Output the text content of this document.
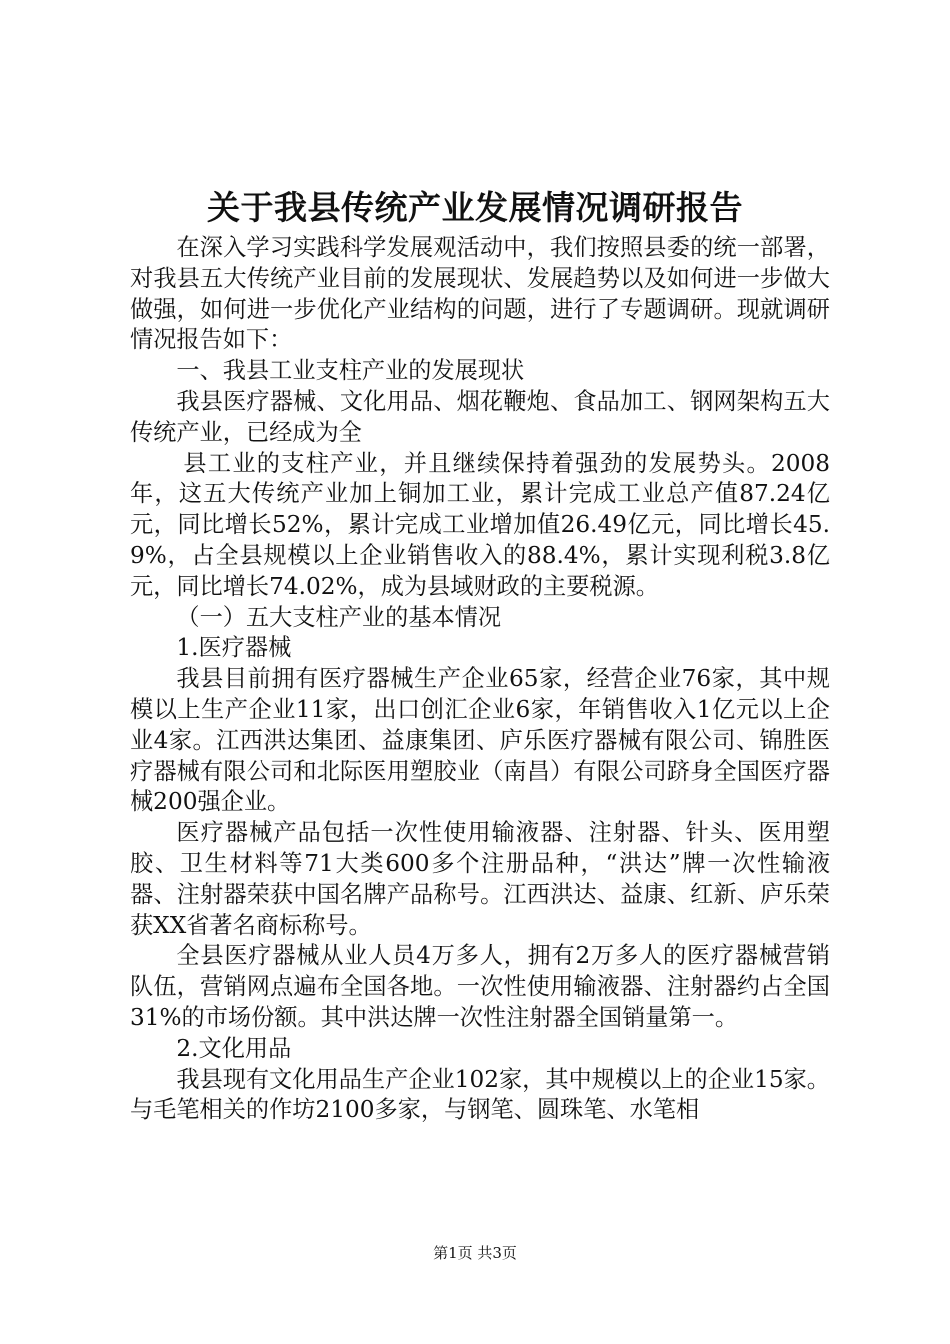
关于我县传统产业发展情况调研报告

在深入学习实践科学发展观活动中，我们按照县委的统一部署，对我县五大传统产业目前的发展现状、发展趋势以及如何进一步做大做强，如何进一步优化产业结构的问题，进行了专题调研。现就调研情况报告如下：

一、我县工业支柱产业的发展现状

我县医疗器械、文化用品、烟花鞭炮、食品加工、钢网架构五大传统产业，已经成为全

县工业的支柱产业，并且继续保持着强劲的发展势头。2008年，这五大传统产业加上铜加工业，累计完成工业总产值87.24亿元，同比增长52%，累计完成工业增加值26.49亿元，同比增长45.9%，占全县规模以上企业销售收入的88.4%，累计实现利税3.8亿元，同比增长74.02%，成为县域财政的主要税源。

（一）五大支柱产业的基本情况

1.医疗器械

我县目前拥有医疗器械生产企业65家，经营企业76家，其中规模以上生产企业11家，出口创汇企业6家，年销售收入1亿元以上企业4家。江西洪达集团、益康集团、庐乐医疗器械有限公司、锦胜医疗器械有限公司和北际医用塑胶业（南昌）有限公司跻身全国医疗器械200强企业。

医疗器械产品包括一次性使用输液器、注射器、针头、医用塑胶、卫生材料等71大类600多个注册品种，“洪达”牌一次性输液器、注射器荣获中国名牌产品称号。江西洪达、益康、红新、庐乐荣获XX省著名商标称号。

全县医疗器械从业人员4万多人，拥有2万多人的医疗器械营销队伍，营销网点遍布全国各地。一次性使用输液器、注射器约占全国31%的市场份额。其中洪达牌一次性注射器全国销量第一。

2.文化用品

我县现有文化用品生产企业102家，其中规模以上的企业15家。与毛笔相关的作坊2100多家，与钢笔、圆珠笔、水笔相

第1页 共3页
